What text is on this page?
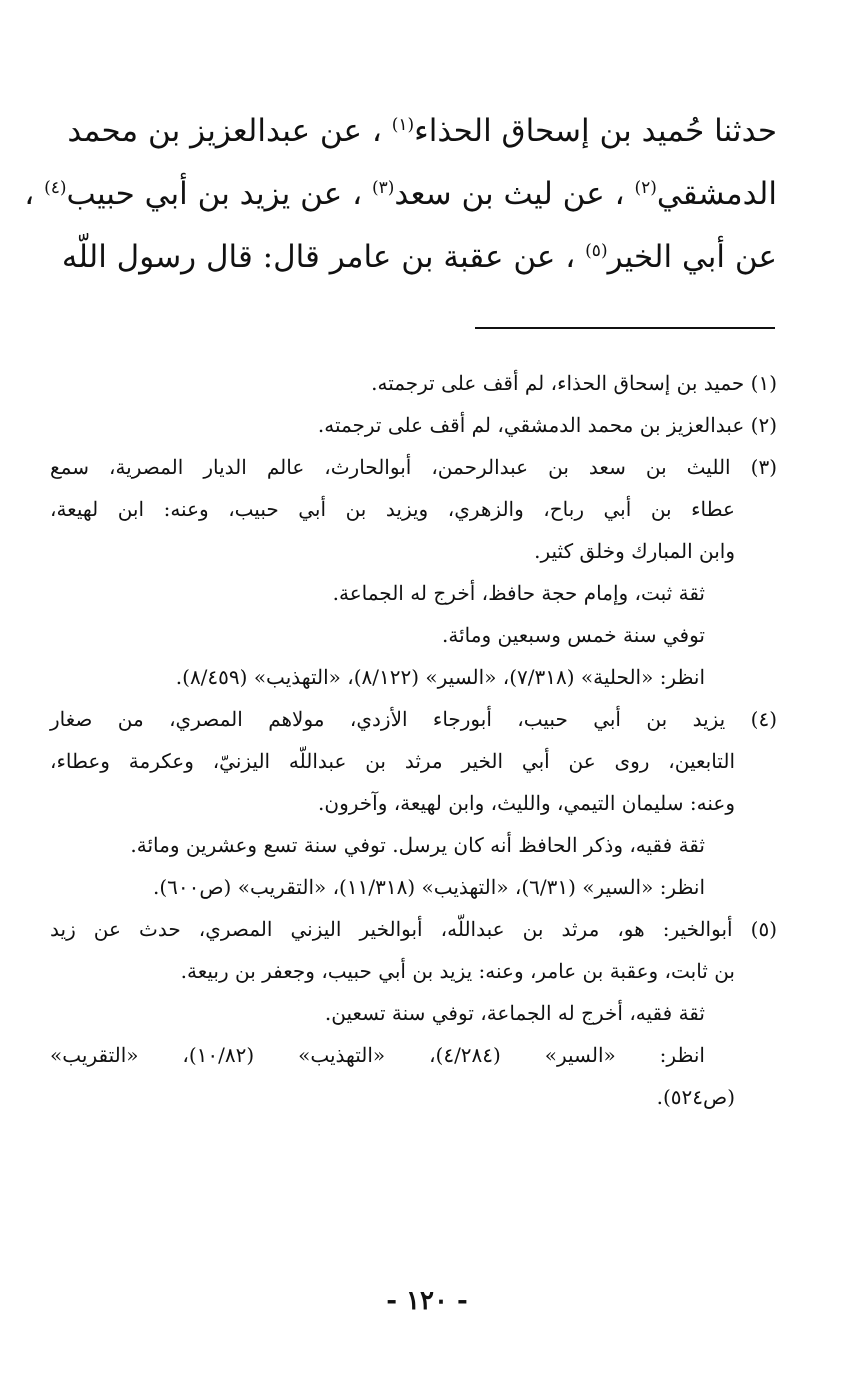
حدثنا حُميد بن إسحاق الحذاء$^{(١)}$ ، عن عبدالعزيز بن محمد
الدمشقي$^{(٢)}$ ، عن ليث بن سعد$^{(٣)}$ ، عن يزيد بن أبي حبيب$^{(٤)}$ ،
عن أبي الخير$^{(٥)}$ ، عن عقبة بن عامر قال: قال رسول اللّه
(١) حميد بن إسحاق الحذاء، لم أقف على ترجمته.
(٢) عبدالعزيز بن محمد الدمشقي، لم أقف على ترجمته.
(٣) الليث بن سعد بن عبدالرحمن، أبوالحارث، عالم الديار المصرية، سمع
عطاء بن أبي رباح، والزهري، ويزيد بن أبي حبيب، وعنه: ابن لهيعة،
وابن المبارك وخلق كثير.
ثقة ثبت، وإمام حجة حافظ، أخرج له الجماعة.
توفي سنة خمس وسبعين ومائة.
انظر: «الحلية» (٧/٣١٨)، «السير» (٨/١٢٢)، «التهذيب» (٨/٤٥٩).
(٤) يزيد بن أبي حبيب، أبورجاء الأزدي، مولاهم المصري، من صغار
التابعين، روى عن أبي الخير مرثد بن عبداللّه اليزنيّ، وعكرمة وعطاء،
وعنه: سليمان التيمي، والليث، وابن لهيعة، وآخرون.
ثقة فقيه، وذكر الحافظ أنه كان يرسل. توفي سنة تسع وعشرين ومائة.
انظر: «السير» (٦/٣١)، «التهذيب» (١١/٣١٨)، «التقريب» (ص٦٠٠).
(٥) أبوالخير: هو، مرثد بن عبداللّه، أبوالخير اليزني المصري، حدث عن زيد
بن ثابت، وعقبة بن عامر، وعنه: يزيد بن أبي حبيب، وجعفر بن ربيعة.
ثقة فقيه، أخرج له الجماعة، توفي سنة تسعين.
انظر: «السير» (٤/٢٨٤)، «التهذيب» (١٠/٨٢)، «التقريب»
(ص٥٢٤).
- ١٢٠ -
